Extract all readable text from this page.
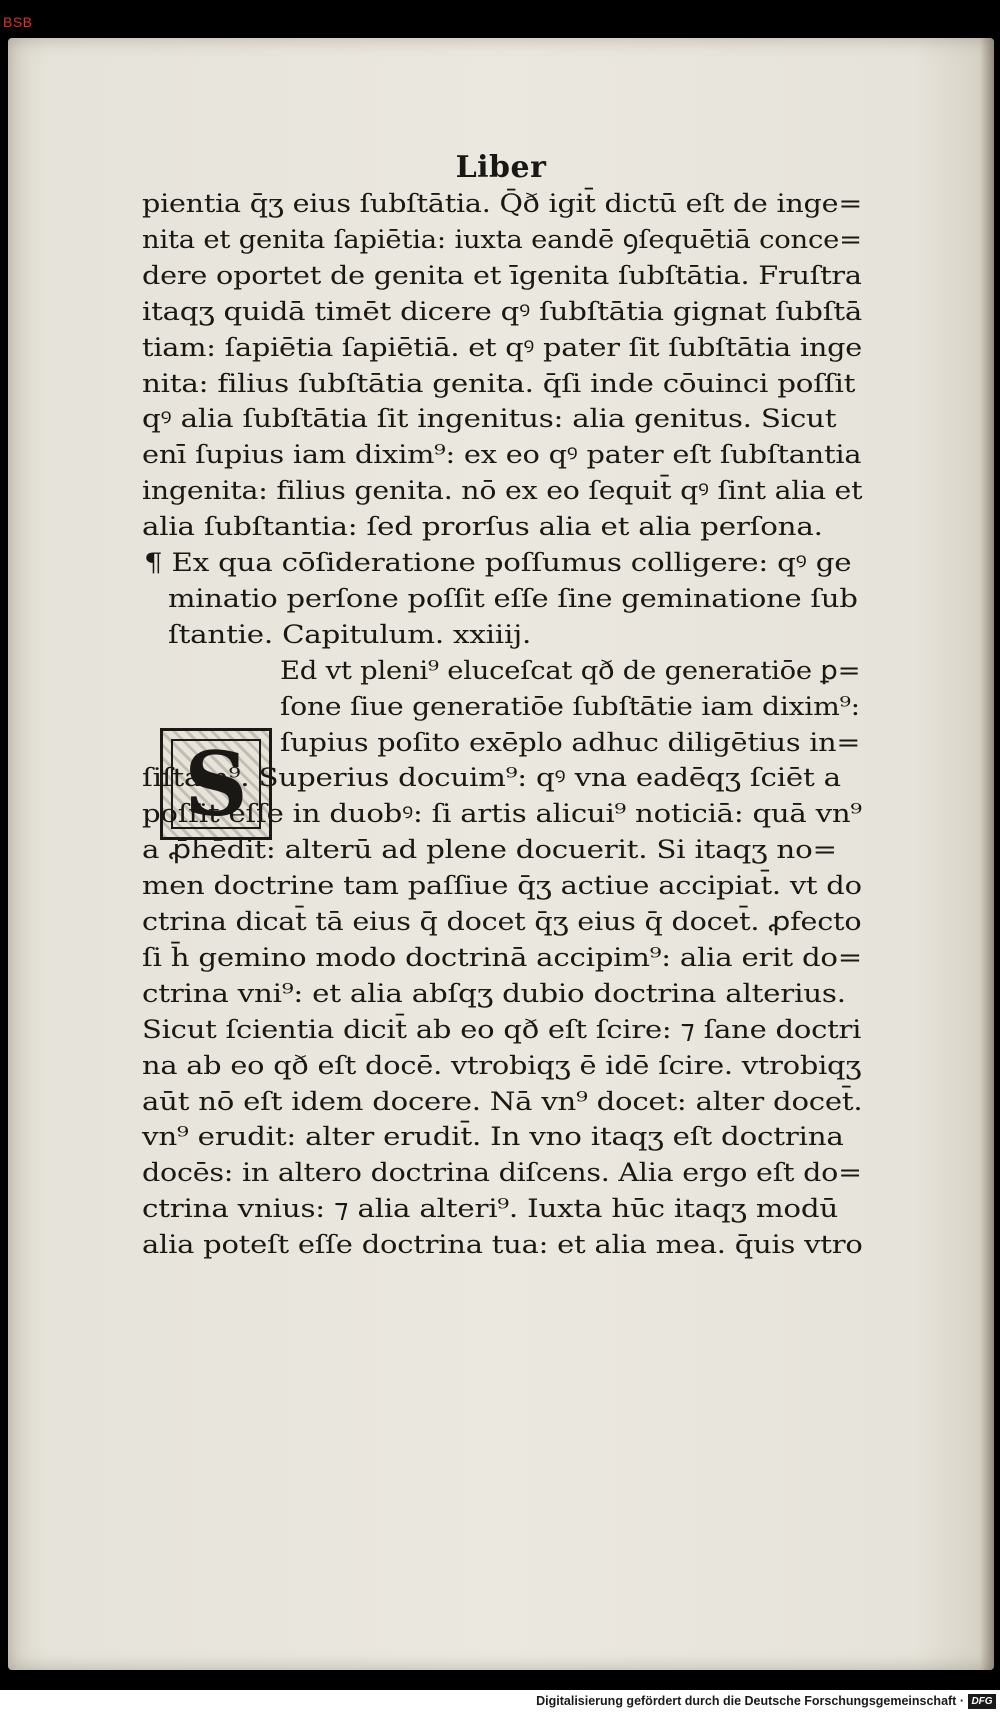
BSB
Liber
S
pientia q̄ʒ eius ſubſtātia. Q̄ð igit̄ dictū eſt de inge=
nita et genita ſapiētia: iuxta eandē ꝯſequētiā conce=
dere oportet de genita et īgenita ſubſtātia. Fruſtra
itaqʒ quidā timēt dicere qꝰ ſubſtātia gignat ſubſtā
tiam: ſapiētia ſapiētiā. et qꝰ pater ſit ſubſtātia inge
nita: filius ſubſtātia genita. q̄ſi inde cōuinci poſſit
qꝰ alia ſubſtātia ſit ingenitus: alia genitus. Sicut
enī ſupius iam dixim⁹: ex eo qꝰ pater eſt ſubſtantia
ingenita: filius genita. nō ex eo ſequit̄ qꝰ ſint alia et
alia ſubſtantia: ſed prorſus alia et alia perſona.
¶ Ex qua cōſideratione poſſumus colligere: qꝰ ge
minatio perſone poſſit eſſe ſine geminatione ſub
ſtantie. Capitulum. xxiiij.
Ed vt pleni⁹ eluceſcat qð de generatiōe ꝑ=
ſone ſiue generatiōe ſubſtātie iam dixim⁹:
ſupius poſito exēplo adhuc diligētius in=
ſiſtam⁹. Superius docuim⁹: qꝰ vna eadēqʒ ſciēt a
poſſit eſſe in duobꝰ: ſi artis alicui⁹ noticiā: quā vn⁹
a ꝓ̄hēdit: alterū ad plene docuerit. Si itaqʒ no=
men doctrine tam paſſiue q̄ʒ actiue accipiat̄. vt do
ctrina dicat̄ tā eius q̄ docet q̄ʒ eius q̄ docet̄. ꝓfecto
ſi h̄ gemino modo doctrinā accipim⁹: alia erit do=
ctrina vni⁹: et alia abſqʒ dubio doctrina alterius.
Sicut ſcientia dicit̄ ab eo qð eſt ſcire: ⁊ ſane doctri
na ab eo qð eſt docē. vtrobiqʒ ē idē ſcire. vtrobiqʒ
aūt nō eſt idem docere. Nā vn⁹ docet: alter docet̄.
vn⁹ erudit: alter erudit̄. In vno itaqʒ eſt doctrina
docēs: in altero doctrina diſcens. Alia ergo eſt do=
ctrina vnius: ⁊ alia alteri⁹. Iuxta hūc itaqʒ modū
alia poteſt eſſe doctrina tua: et alia mea. q̄uis vtro
Digitalisierung gefördert durch die Deutsche Forschungsgemeinschaft · DFG
